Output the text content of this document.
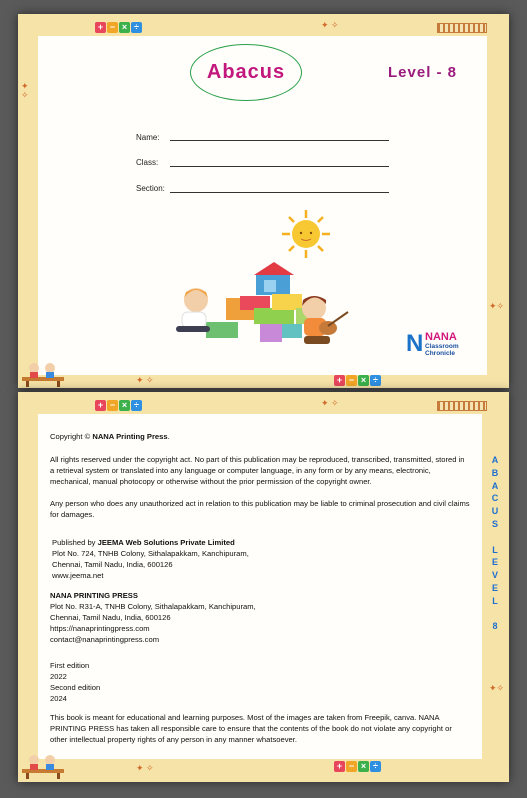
+ − × ÷	✦ ✧
✦
✧
✦✧
Abacus	Level - 8
Name:
Class:
Section:
N NANA
Classroom
Chronicle
+ − × ÷
✦ ✧
+ − × ÷	✦ ✧
✦✧
Copyright © NANA Printing Press.
All rights reserved under the copyright act. No part of this publication may be reproduced, transcribed, transmitted, stored in a retrieval system or translated into any language or computer language, in any form or by any means, electronic, mechanical, manual photocopy or otherwise without the prior permission of the copyright owner.
Any person who does any unauthorized act in relation to this publication may be liable to criminal prosecution and civil claims for damages.

Published by JEEMA Web Solutions Private Limited

Plot No. 724, TNHB Colony, Sithalapakkam, Kanchipuram,

Chennai, Tamil Nadu, India, 600126

www.jeema.net

NANA PRINTING PRESS

Plot No. R31-A, TNHB Colony, Sithalapakkam, Kanchipuram,

Chennai, Tamil Nadu, India, 600126

https://nanaprintingpress.com

contact@nanaprintingpress.com

First edition

2022

Second edition

2024

This book is meant for educational and learning purposes. Most of the images are taken from Freepik, canva. NANA PRINTING PRESS has taken all responsible care to ensure that the contents of the book do not violate any copyright or other intellectual property rights of any person in any manner whatsoever.
A
B
A
C
U
S
L
E
V
E
L
8
+ − × ÷
✦ ✧
